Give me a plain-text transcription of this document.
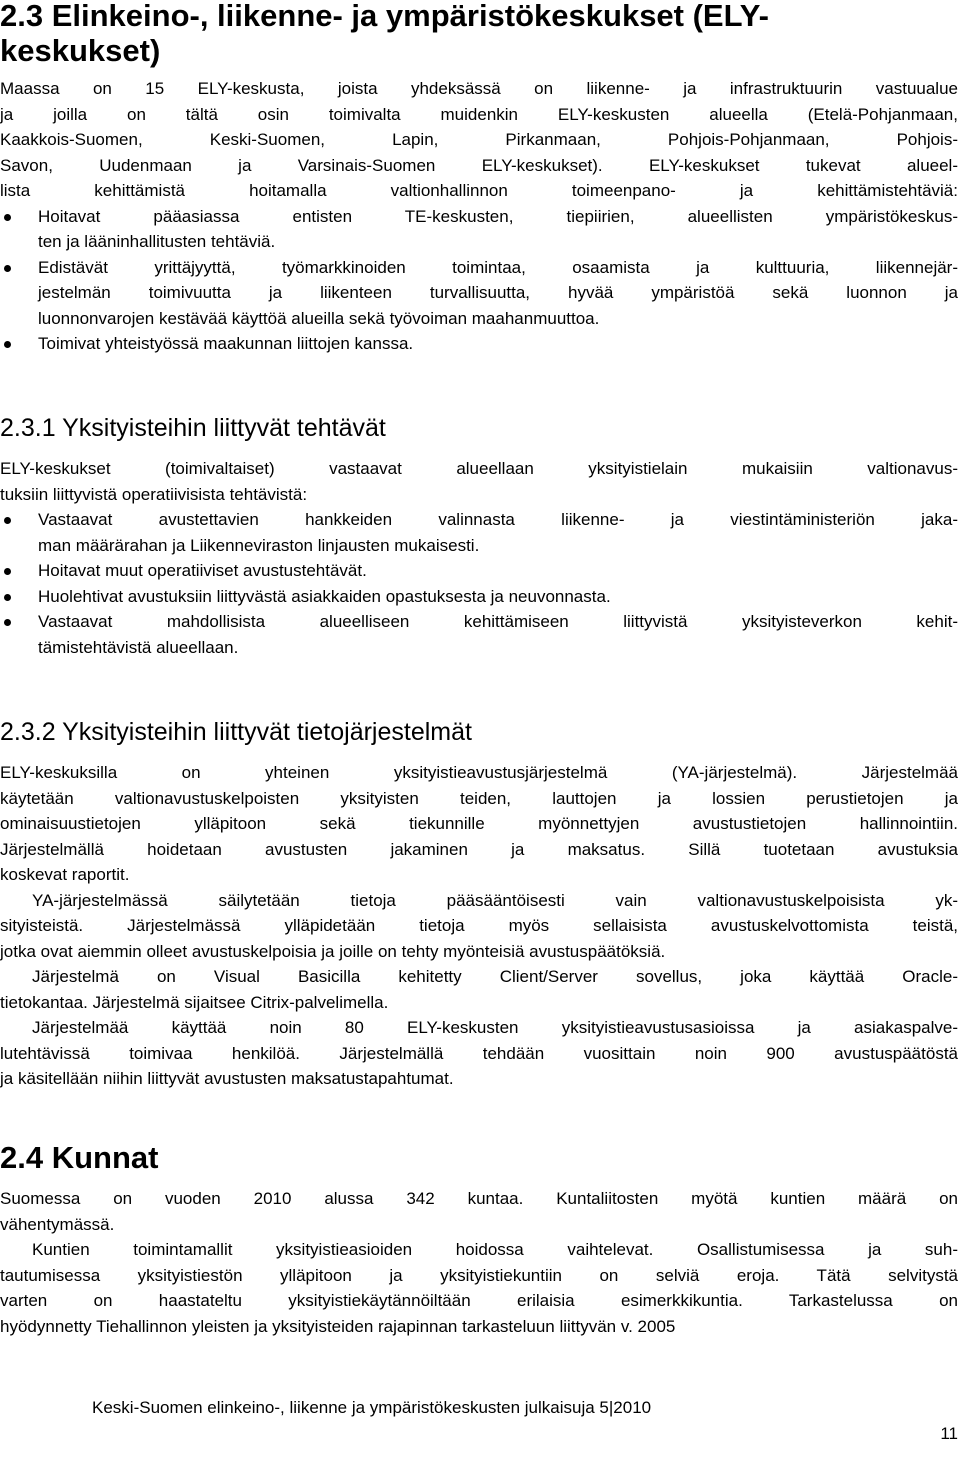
2.3 Elinkeino-, liikenne- ja ympäristökeskukset (ELY-
keskukset)
Maassa on 15 ELY-keskusta, joista yhdeksässä on liikenne- ja infrastruktuurin vastuualue
ja joilla on tältä osin toimivalta muidenkin ELY-keskusten alueella (Etelä-Pohjanmaan,
Kaakkois-Suomen, Keski-Suomen, Lapin, Pirkanmaan, Pohjois-Pohjanmaan, Pohjois-
Savon, Uudenmaan ja Varsinais-Suomen ELY-keskukset). ELY-keskukset tukevat alueel-
lista kehittämistä hoitamalla valtionhallinnon toimeenpano- ja kehittämistehtäviä:
Hoitavat pääasiassa entisten TE-keskusten, tiepiirien, alueellisten ympäristökeskus-
ten ja lääninhallitusten tehtäviä.
Edistävät yrittäjyyttä, työmarkkinoiden toimintaa, osaamista ja kulttuuria, liikennejär-
jestelmän toimivuutta ja liikenteen turvallisuutta, hyvää ympäristöä sekä luonnon ja
luonnonvarojen kestävää käyttöä alueilla sekä työvoiman maahanmuuttoa.
Toimivat yhteistyössä maakunnan liittojen kanssa.
2.3.1 Yksityisteihin liittyvät tehtävät
ELY-keskukset (toimivaltaiset) vastaavat alueellaan yksityistielain mukaisiin valtionavus-
tuksiin liittyvistä operatiivisista tehtävistä:
Vastaavat avustettavien hankkeiden valinnasta liikenne- ja viestintäministeriön jaka-
man määrärahan ja Liikenneviraston linjausten mukaisesti.
Hoitavat muut operatiiviset avustustehtävät.
Huolehtivat avustuksiin liittyvästä asiakkaiden opastuksesta ja neuvonnasta.
Vastaavat mahdollisista alueelliseen kehittämiseen liittyvistä yksityisteverkon kehit-
tämistehtävistä alueellaan.
2.3.2 Yksityisteihin liittyvät tietojärjestelmät
ELY-keskuksilla on yhteinen yksityistieavustusjärjestelmä (YA-järjestelmä). Järjestelmää
käytetään valtionavustuskelpoisten yksityisten teiden, lauttojen ja lossien perustietojen ja
ominaisuustietojen ylläpitoon sekä tiekunnille myönnettyjen avustustietojen hallinnointiin.
Järjestelmällä hoidetaan avustusten jakaminen ja maksatus. Sillä tuotetaan avustuksia
koskevat raportit.
YA-järjestelmässä säilytetään tietoja pääsääntöisesti vain valtionavustuskelpoisista yk-
sityisteistä. Järjestelmässä ylläpidetään tietoja myös sellaisista avustuskelvottomista teistä,
jotka ovat aiemmin olleet avustuskelpoisia ja joille on tehty myönteisiä avustuspäätöksiä.
Järjestelmä on Visual Basicilla kehitetty Client/Server sovellus, joka käyttää Oracle-
tietokantaa. Järjestelmä sijaitsee Citrix-palvelimella.
Järjestelmää käyttää noin 80 ELY-keskusten yksityistieavustusasioissa ja asiakaspalve-
lutehtävissä toimivaa henkilöä. Järjestelmällä tehdään vuosittain noin 900 avustuspäätöstä
ja käsitellään niihin liittyvät avustusten maksatustapahtumat.
2.4 Kunnat
Suomessa on vuoden 2010 alussa 342 kuntaa. Kuntaliitosten myötä kuntien määrä on
vähentymässä.
Kuntien toimintamallit yksityistieasioiden hoidossa vaihtelevat. Osallistumisessa ja suh-
tautumisessa yksityistiestön ylläpitoon ja yksityistiekuntiin on selviä eroja. Tätä selvitystä
varten on haastateltu yksityistiekäytännöiltään erilaisia esimerkkikuntia. Tarkastelussa on
hyödynnetty Tiehallinnon yleisten ja yksityisteiden rajapinnan tarkasteluun liittyvän v. 2005

Keski-Suomen elinkeino-, liikenne ja ympäristökeskusten julkaisuja 5|2010

11
